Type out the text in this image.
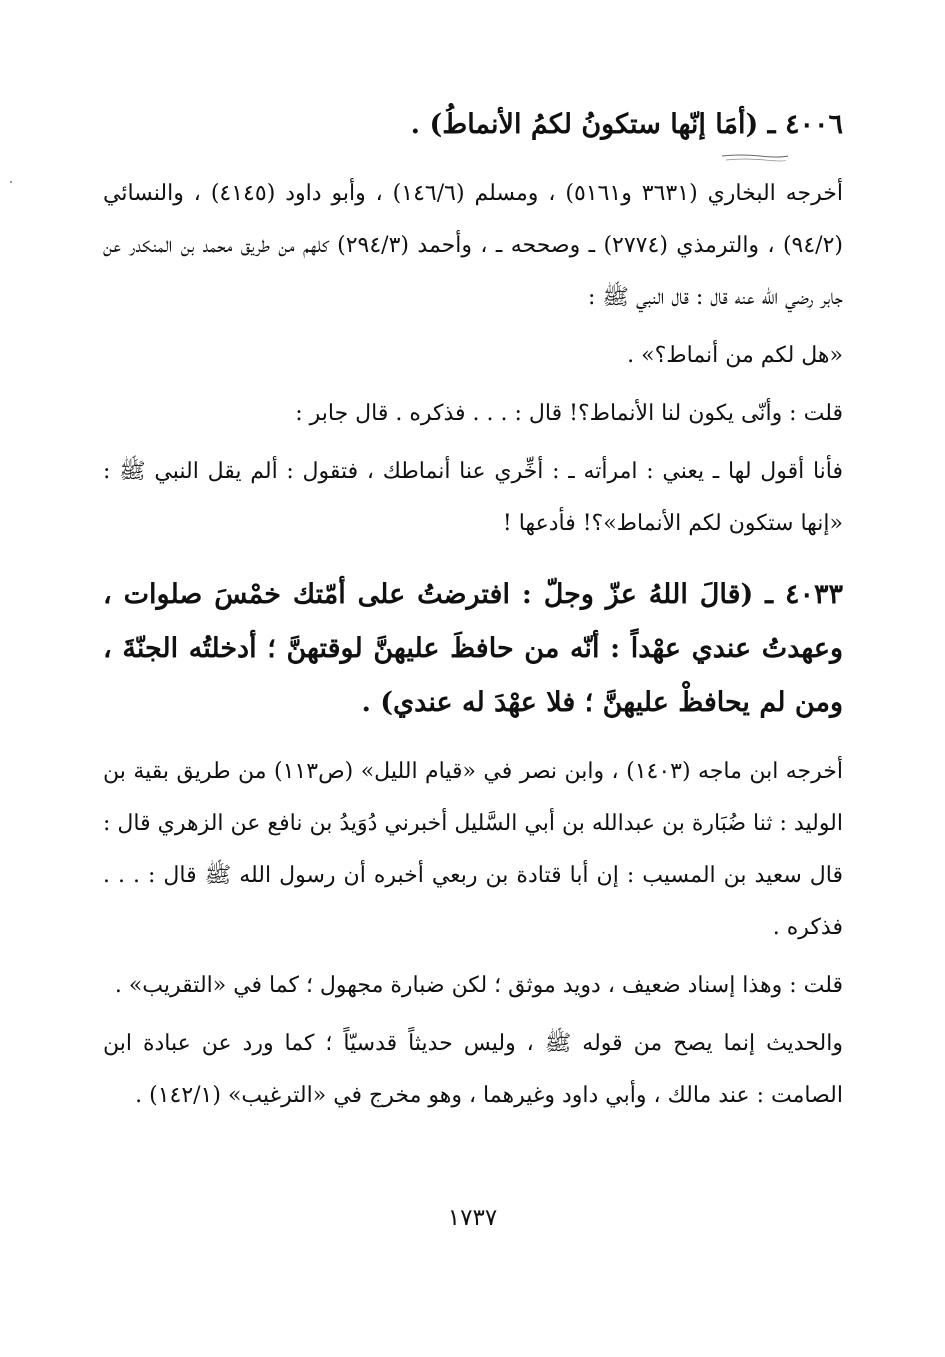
٤٠٠٦ ـ (أمَا إنّها ستكونُ لكمُ الأنماطُ) .
أخرجه البخاري (٣٦٣١ و٥١٦١) ، ومسلم (١٤٦/٦) ، وأبو داود (٤١٤٥) ، والنسائي (٩٤/٢) ، والترمذي (٢٧٧٤) ـ وصححه ـ ، وأحمد (٢٩٤/٣) كلهم من طريق محمد بن المنكدر عن جابر رضي الله عنه قال : قال النبي ﷺ :
«هل لكم من أنماط؟» .
قلت : وأنّى يكون لنا الأنماط؟! قال : . . . فذكره . قال جابر :
فأنا أقول لها ـ يعني : امرأته ـ : أخِّري عنا أنماطك ، فتقول : ألم يقل النبي ﷺ : «إنها ستكون لكم الأنماط»؟! فأدعها !
٤٠٣٣ ـ (قالَ اللهُ عزّ وجلّ : افترضتُ على أمّتك خمْسَ صلوات ، وعهدتُ عندي عهْداً : أنّه من حافظَ عليهنَّ لوقتهنَّ ؛ أدخلتُه الجنّةَ ، ومن لم يحافظْ عليهنَّ ؛ فلا عهْدَ له عندي) .
أخرجه ابن ماجه (١٤٠٣) ، وابن نصر في «قيام الليل» (ص١١٣) من طريق بقية بن الوليد : ثنا ضُبَارة بن عبدالله بن أبي السَّليل أخبرني دُوَيدُ بن نافع عن الزهري قال : قال سعيد بن المسيب : إن أبا قتادة بن ربعي أخبره أن رسول الله ﷺ قال : . . . فذكره .
قلت : وهذا إسناد ضعيف ، دويد موثق ؛ لكن ضبارة مجهول ؛ كما في «التقريب» .
والحديث إنما يصح من قوله ﷺ ، وليس حديثاً قدسيّاً ؛ كما ورد عن عبادة ابن الصامت : عند مالك ، وأبي داود وغيرهما ، وهو مخرج في «الترغيب» (١٤٢/١) .
١٧٣٧
